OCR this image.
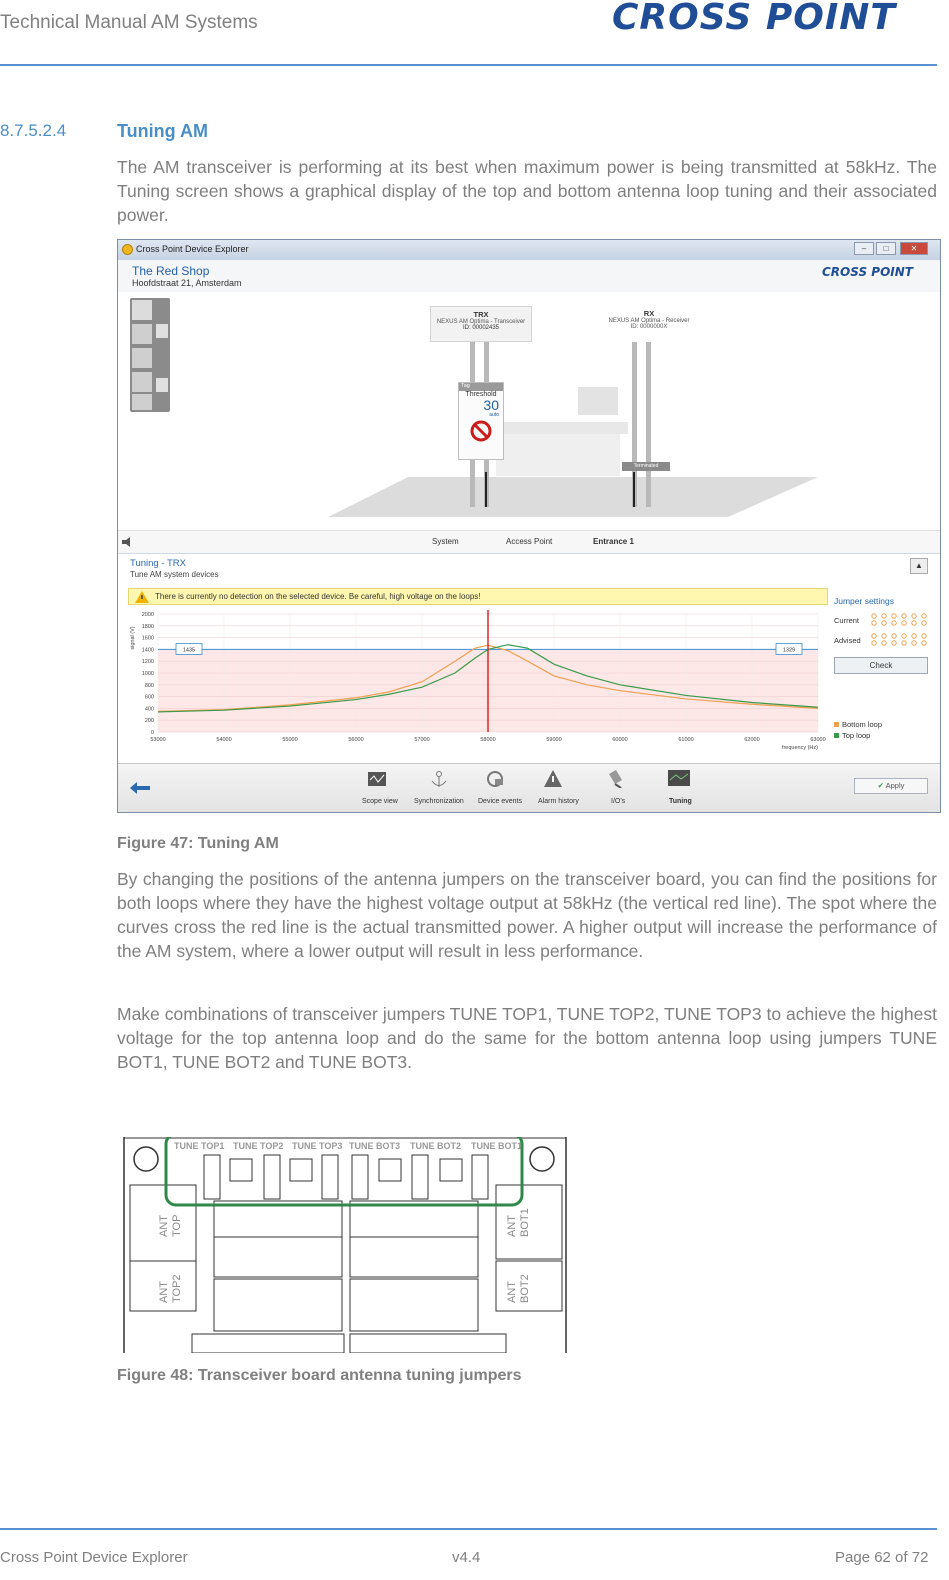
Technical Manual AM Systems	CROSS POINT
8.7.5.2.4	Tuning AM

The AM transceiver is performing at its best when maximum power is being transmitted at 58kHz. The Tuning screen shows a graphical display of the top and bottom antenna loop tuning and their associated power.

Cross Point Device Explorer	–	□	✕
The Red Shop
Hoofdstraat 21, Amsterdam
CROSS POINT
TRX
NEXUS AM Optima - Transceiver
ID: 00002435
RX
NEXUS AM Optima - Receiver
ID: 0000000X
Tag
Threshold
30
auto
Terminated
System	Access Point	Entrance 1
Tuning - TRX
Tune AM system devices
▲
There is currently no detection on the selected device. Be careful, high voltage on the loops!
0
200
400
600
800
1000
1200
1400
1600
1800
2000
53000	54000	55000	56000	57000	58000	59000	60000	61000	62000	63000
signal (V)
frequency (Hz)
1435	1329
Jumper settings
Current
Advised
Check
Bottom loop
Top loop
Scope view Synchronization Device events Alarm history	I/O's	Tuning
✔ Apply
Figure 47: Tuning AM

By changing the positions of the antenna jumpers on the transceiver board, you can find the positions for both loops where they have the highest voltage output at 58kHz (the vertical red line). The spot where the curves cross the red line is the actual transmitted power. A higher output will increase the performance of the AM system, where a lower output will result in less performance.

Make combinations of transceiver jumpers TUNE TOP1, TUNE TOP2, TUNE TOP3 to achieve the highest voltage for the top antenna loop and do the same for the bottom antenna loop using jumpers TUNE BOT1, TUNE BOT2 and TUNE BOT3.

ANT TOP
ANT TOP2
ANT BOT1
ANT BOT2
TUNE TOP1 TUNE TOP2 TUNE TOP3 TUNE BOT3 TUNE BOT2 TUNE BOT1
Figure 48: Transceiver board antenna tuning jumpers
Cross Point Device Explorer	v4.4	Page 62 of 72
